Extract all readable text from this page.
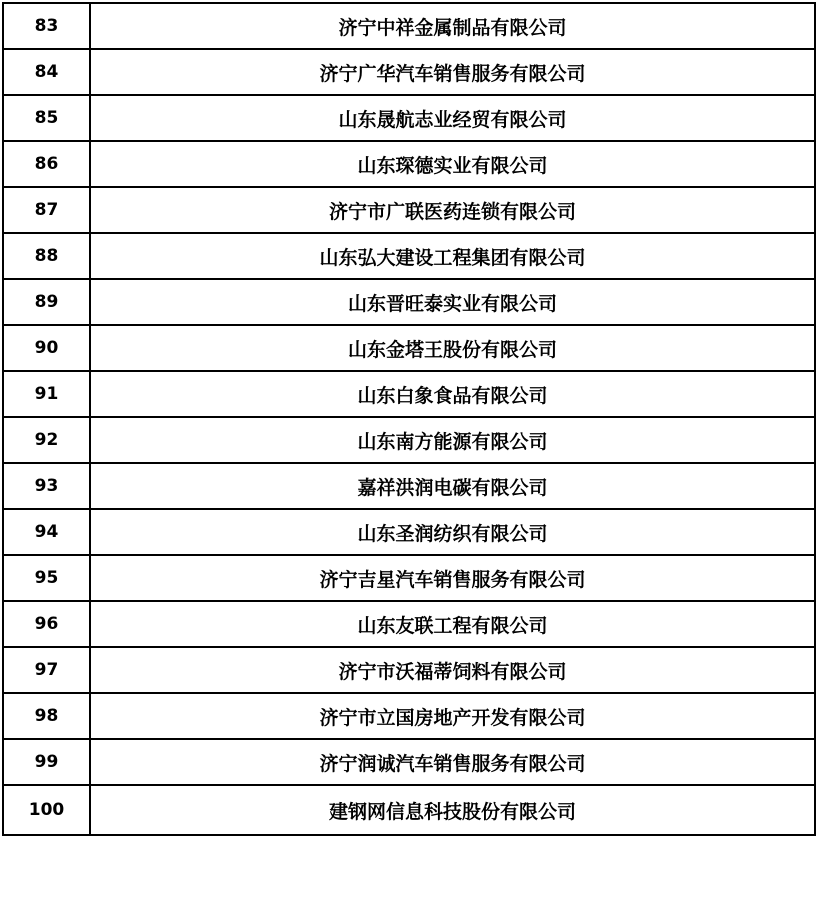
83	济宁中祥金属制品有限公司
84	济宁广华汽车销售服务有限公司
85	山东晟航志业经贸有限公司
86	山东琛德实业有限公司
87	济宁市广联医药连锁有限公司
88	山东弘大建设工程集团有限公司
89	山东晋旺泰实业有限公司
90	山东金塔王股份有限公司
91	山东白象食品有限公司
92	山东南方能源有限公司
93	嘉祥洪润电碳有限公司
94	山东圣润纺织有限公司
95	济宁吉星汽车销售服务有限公司
96	山东友联工程有限公司
97	济宁市沃福蒂饲料有限公司
98	济宁市立国房地产开发有限公司
99	济宁润诚汽车销售服务有限公司
100	建钢网信息科技股份有限公司
